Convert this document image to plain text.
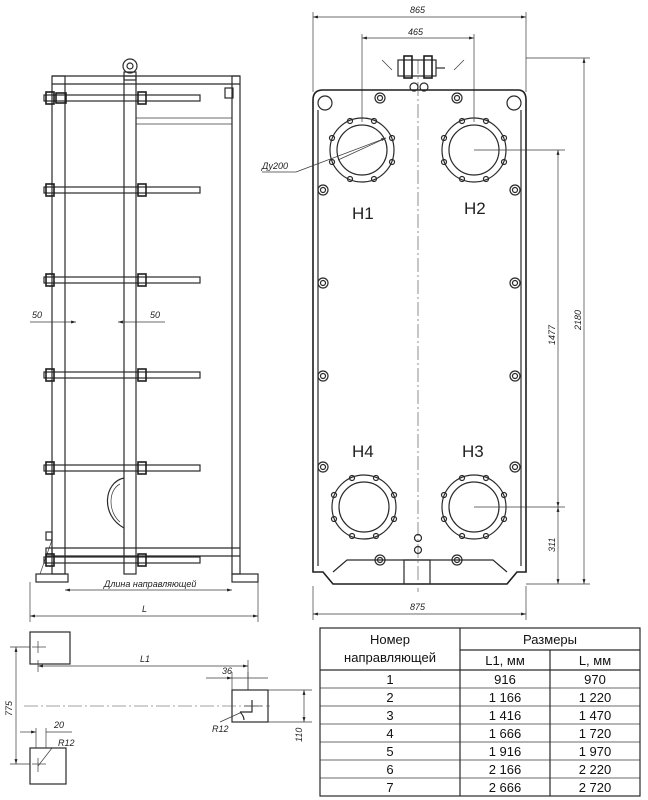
50	50
Длина направляющей
L
865
465
H1	H2
H4	H3
Ду200
1477
311
2180
875
L1
36
110
775
20	R12
R12
Номер
направляющей
Размеры
L1, мм	L, мм
1	916	970
2	1 166	1 220
3	1 416	1 470
4	1 666	1 720
5	1 916	1 970
6	2 166	2 220
7	2 666	2 720
